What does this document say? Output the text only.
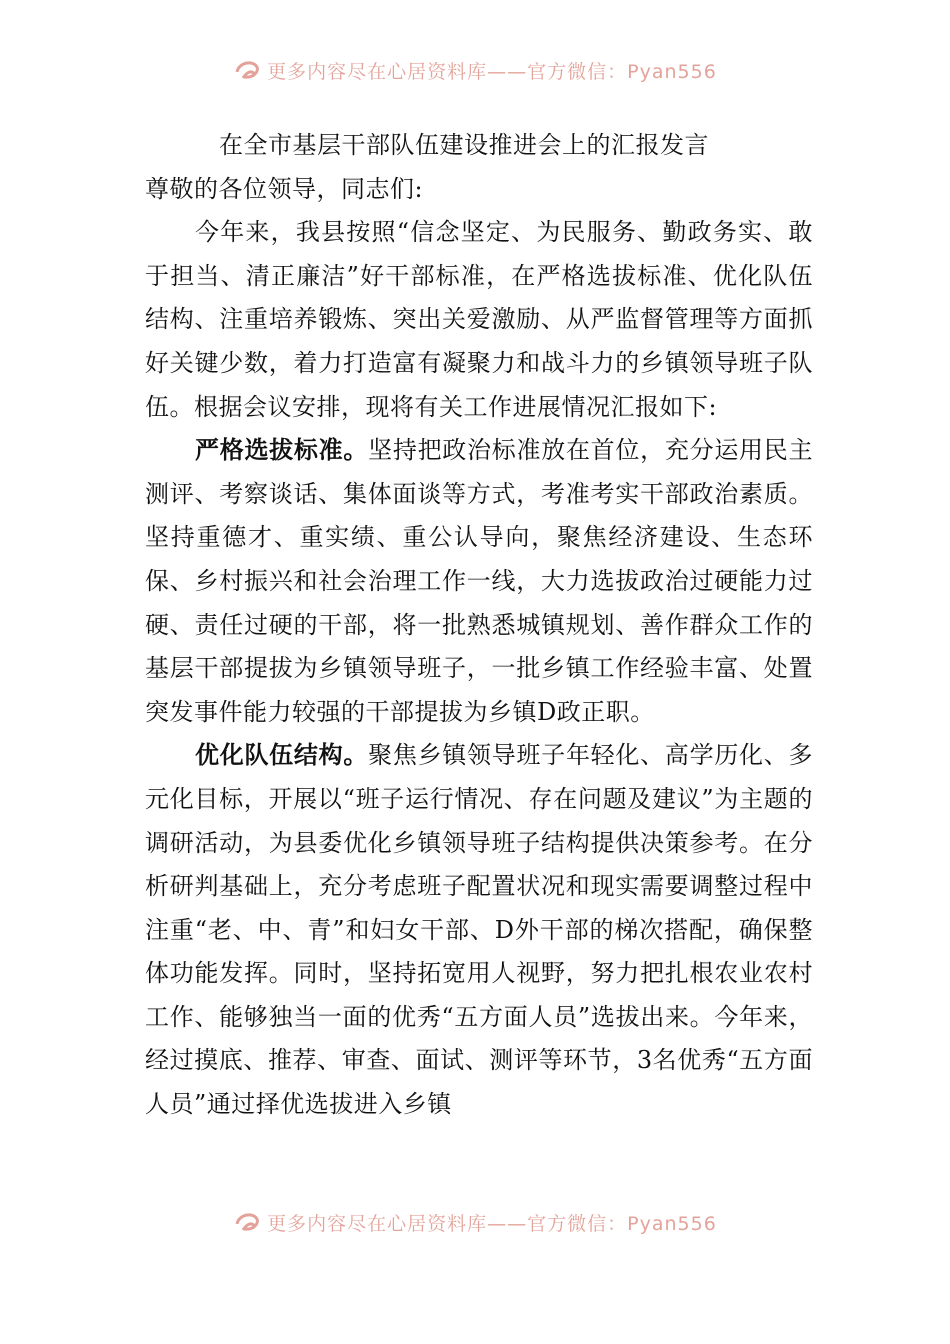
更多内容尽在心居资料库——官方微信：Pyan556
在全市基层干部队伍建设推进会上的汇报发言

尊敬的各位领导，同志们:

今年来，我县按照“信念坚定、为民服务、勤政务实、敢于担当、清正廉洁”好干部标准，在严格选拔标准、优化队伍结构、注重培养锻炼、突出关爱激励、从严监督管理等方面抓好关键少数，着力打造富有凝聚力和战斗力的乡镇领导班子队伍。根据会议安排，现将有关工作进展情况汇报如下:

严格选拔标准。坚持把政治标准放在首位，充分运用民主测评、考察谈话、集体面谈等方式，考准考实干部政治素质。坚持重德才、重实绩、重公认导向，聚焦经济建设、生态环保、乡村振兴和社会治理工作一线，大力选拔政治过硬能力过硬、责任过硬的干部，将一批熟悉城镇规划、善作群众工作的基层干部提拔为乡镇领导班子，一批乡镇工作经验丰富、处置突发事件能力较强的干部提拔为乡镇D政正职。

优化队伍结构。聚焦乡镇领导班子年轻化、高学历化、多元化目标，开展以“班子运行情况、存在问题及建议”为主题的调研活动，为县委优化乡镇领导班子结构提供决策参考。在分析研判基础上，充分考虑班子配置状况和现实需要调整过程中注重“老、中、青”和妇女干部、D外干部的梯次搭配，确保整体功能发挥。同时，坚持拓宽用人视野，努力把扎根农业农村工作、能够独当一面的优秀“五方面人员”选拔出来。今年来，经过摸底、推荐、审查、面试、测评等环节，3名优秀“五方面人员”通过择优选拔进入乡镇

更多内容尽在心居资料库——官方微信：Pyan556
